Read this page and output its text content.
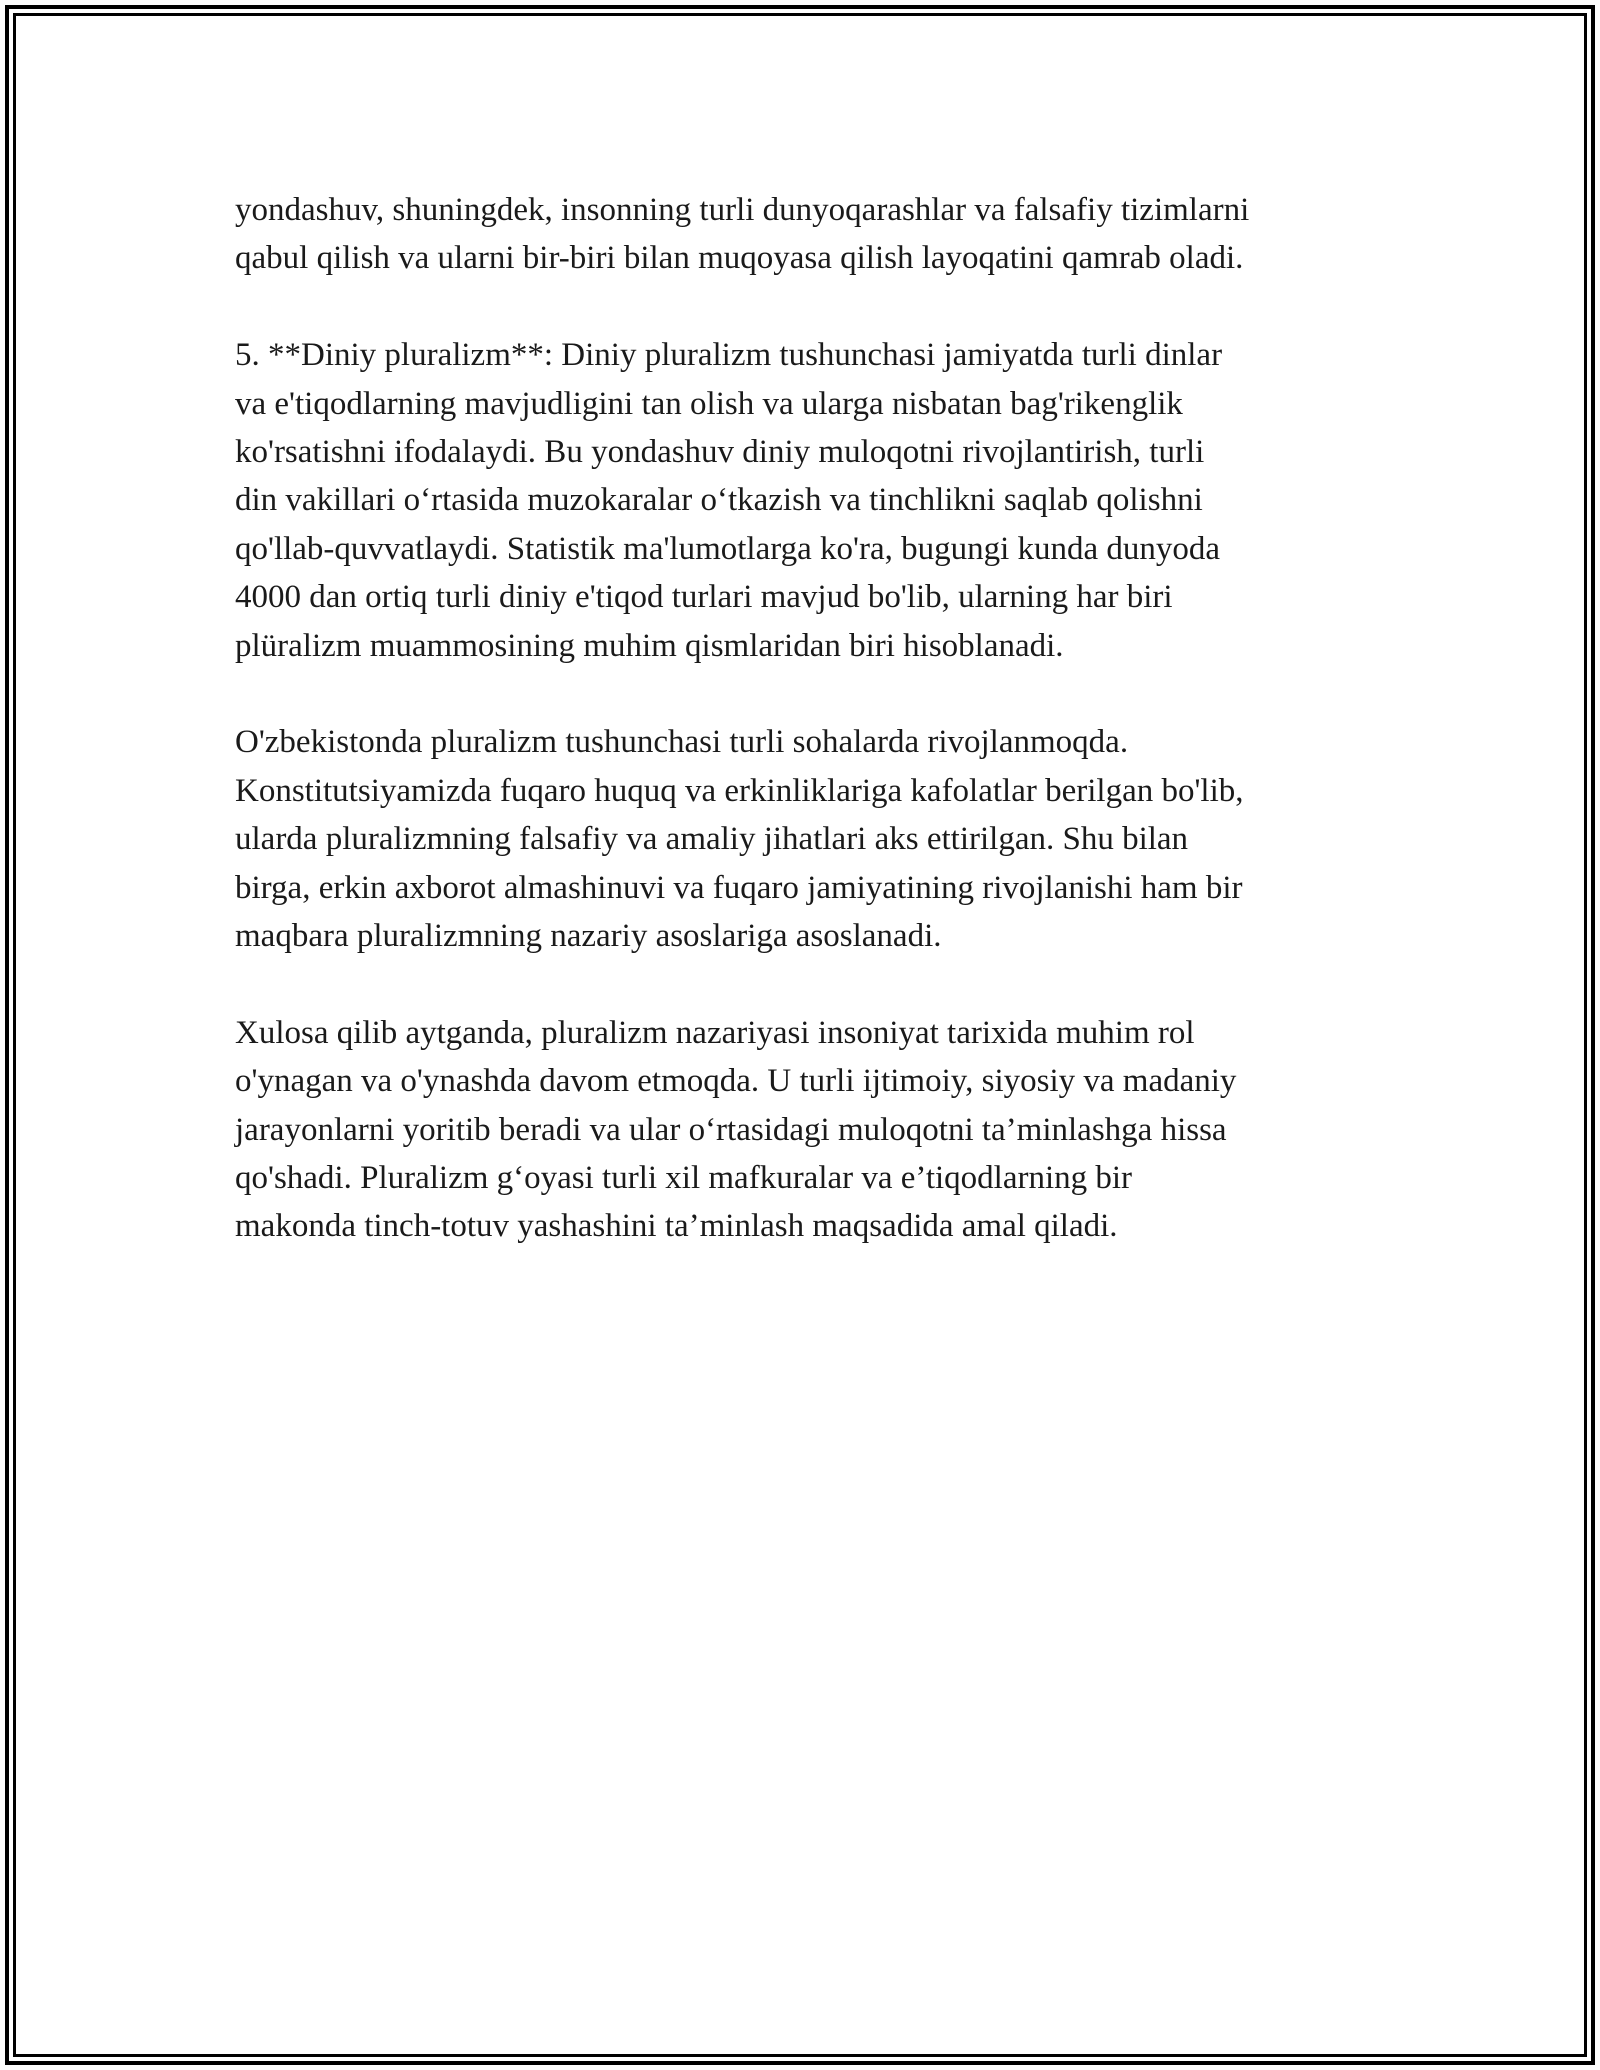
yondashuv, shuningdek, insonning turli dunyoqarashlar va falsafiy tizimlarni
qabul qilish va ularni bir-biri bilan muqoyasa qilish layoqatini qamrab oladi.

5. **Diniy pluralizm**: Diniy pluralizm tushunchasi jamiyatda turli dinlar
va e'tiqodlarning mavjudligini tan olish va ularga nisbatan bag'rikenglik
ko'rsatishni ifodalaydi. Bu yondashuv diniy muloqotni rivojlantirish, turli
din vakillari o‘rtasida muzokaralar o‘tkazish va tinchlikni saqlab qolishni
qo'llab-quvvatlaydi. Statistik ma'lumotlarga ko'ra, bugungi kunda dunyoda
4000 dan ortiq turli diniy e'tiqod turlari mavjud bo'lib, ularning har biri
plüralizm muammosining muhim qismlaridan biri hisoblanadi.

O'zbekistonda pluralizm tushunchasi turli sohalarda rivojlanmoqda.
Konstitutsiyamizda fuqaro huquq va erkinliklariga kafolatlar berilgan bo'lib,
ularda pluralizmning falsafiy va amaliy jihatlari aks ettirilgan. Shu bilan
birga, erkin axborot almashinuvi va fuqaro jamiyatining rivojlanishi ham bir
maqbara pluralizmning nazariy asoslariga asoslanadi.

Xulosa qilib aytganda, pluralizm nazariyasi insoniyat tarixida muhim rol
o'ynagan va o'ynashda davom etmoqda. U turli ijtimoiy, siyosiy va madaniy
jarayonlarni yoritib beradi va ular o‘rtasidagi muloqotni ta’minlashga hissa
qo'shadi. Pluralizm g‘oyasi turli xil mafkuralar va e’tiqodlarning bir
makonda tinch-totuv yashashini ta’minlash maqsadida amal qiladi.
